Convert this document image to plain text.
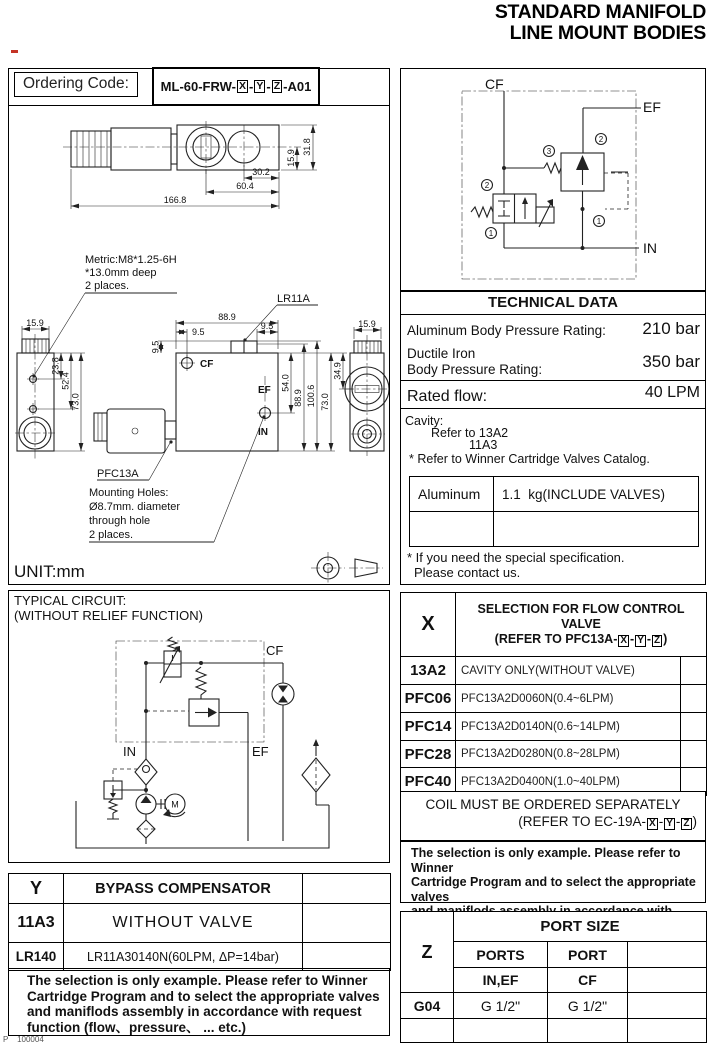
STANDARD MANIFOLD
LINE MOUNT BODIES
Ordering Code:	ML-60-FRW- X - Y - Z -A01
31.8
15.9
30.2
60.4
166.8
Metric:M8*1.25-6H
*13.0mm deep
2 places.
LR11A
15.9
23.8
52.4
73.0
PFC13A
CF
EF
IN
88.9
9.5
9.5
9.5
54.0
88.9 100.6 73.0
34.9
15.9
Mounting Holes:
Ø8.7mm. diameter
through hole
2 places.
UNIT:mm
CF
EF
IN
2
1
3
2
1
TECHNICAL DATA
Aluminum Body Pressure Rating: 210 bar
Ductile Iron
Body Pressure Rating:	350 bar
Rated flow:	40 LPM
Cavity:
Refer to 13A2
11A3
* Refer to Winner Cartridge Valves Catalog.
Aluminum	1.1  kg(INCLUDE VALVES)

* If you need the special specification.
Please contact us.
TYPICAL CIRCUIT:
(WITHOUT RELIEF FUNCTION)
CF
IN	EF
M
X	SELECTION FOR FLOW CONTROL VALVE
(REFER TO PFC13A- X - Y - Z )	

13A2	CAVITY ONLY(WITHOUT VALVE)	
PFC06	PFC13A2D0060N(0.4~6LPM)	
PFC14	PFC13A2D0140N(0.6~14LPM)	
PFC28	PFC13A2D0280N(0.8~28LPM)	
PFC40	PFC13A2D0400N(1.0~40LPM)	
COIL MUST BE ORDERED SEPARATELY
(REFER TO EC-19A- X - Y - Z )
The selection is only example. Please refer to Winner
Cartridge Program and to select the appropriate valves
Y	BYPASS COMPENSATOR	
11A3	WITHOUT VALVE	
LR140	LR11A30140N(60LPM, ΔP=14bar)	
The selection is only example. Please refer to Winner
Cartridge Program and to select the appropriate valves
and maniflods assembly in accordance with request
function (flow、pressure、 ... etc.)
Z	PORT SIZE		
	PORTS	PORT	
	IN,EF	CF	
G04	G 1/2"	G 1/2"	

P    100004
